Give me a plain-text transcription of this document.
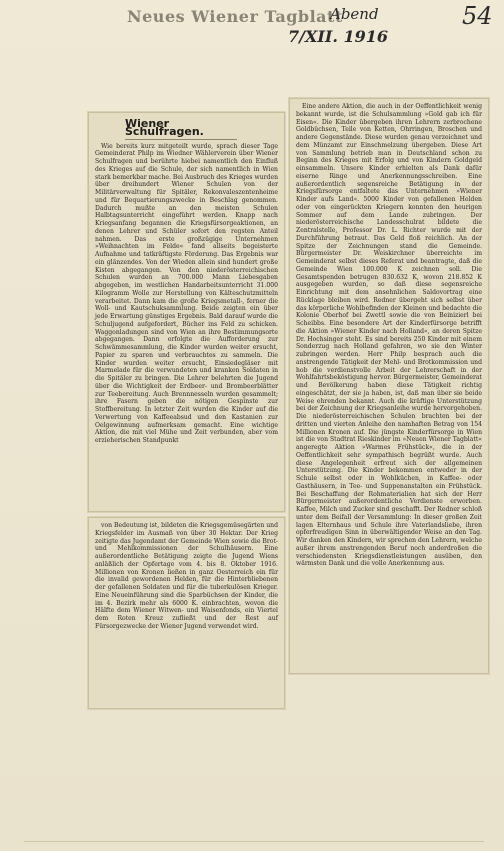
Neues Wiener Tagblatt
Abend
7/XII. 1916
54
Wiener Schulfragen.

Wie bereits kurz mitgeteilt wurde, sprach dieser Tage Gemeinderat Philp im Wiedner Wählerverein über Wiener Schulfragen und berührte hiebei namentlich den Einfluß des Krieges auf die Schule, der sich namentlich in Wien stark bemerkbar mache. Bei Ausbruch des Krieges wurden über dreihundert Wiener Schulen von der Militärverwaltung für Spitäler, Rekonvaleszentenheime und für Bequartierungszwecke in Beschlag genommen. Dadurch mußte an den meisten Schulen Halbtagsunterricht eingeführt werden. Knapp nach Kriegsanfang begannen die Kriegsfürsorgeaktionen, an denen Lehrer und Schüler sofort den regsten Anteil nahmen. Das erste großzügige Unternehmen »Weihnachten im Felde« fand allseits begeisterte Aufnahme und tatkräftigste Förderung. Das Ergebnis war ein glänzendes. Von der Wieden allein sind hundert große Kisten abgegangen. Von den niederösterreichischen Schulen wurden an 700.000 Mann Liebesgaben abgegeben, im westlichen Handarbeitsunterricht 31.000 Kilogramm Wolle zur Herstellung von Kälteschutzmitteln verarbeitet. Dann kam die große Kriegsmetall-, ferner die Woll- und Kautschuksammlung. Beide zeigten ein über jede Erwartung günstiges Ergebnis. Bald darauf wurde die Schuljugend aufgefordert, Bücher ins Feld zu schicken. Waggonladungen sind von Wien an ihre Bestimmungsorte abgegangen. Dann erfolgte die Aufforderung zur Schwämmesammlung, die Kinder wurden weiter ersucht, Papier zu sparen und verbrauchtes zu sammeln. Die Kinder wurden weiter ersucht, Einsiedegläser mit Marmelade für die verwundeten und kranken Soldaten in die Spitäler zu bringen. Die Lehrer belehrten die Jugend über die Wichtigkeit der Erdbeer- und Brombeerblätter zur Teebereitung. Auch Brennnesseln wurden gesammelt; ihre Fasern geben die nötigen Gespinste zur Stoffbereitung. In letzter Zeit wurden die Kinder auf die Verwertung von Kaffeeabsud und den Kastanien zur Oelgewinnung aufmerksam gemacht. Eine wichtige Aktion, die mit viel Mühe und Zeit verbunden, aber vom erzieherischen Standpunkt

von Bedeutung ist, bildeten die Kriegsgemüsegärten und Kriegsfelder im Ausmaß von über 30 Hektar. Der Krieg zeitigte das Jugendamt der Gemeinde Wien sowie die Brot- und Mehlkommissionen der Schulhäusern. Eine außerordentliche Betätigung zeigte die Jugend Wiens anläßlich der Opfertage vom 4. bis 8. Oktober 1916. Millionen von Kronen ließen in ganz Oesterreich ein für die invalid gewordenen Helden, für die Hinterbliebenen der gefallenen Soldaten und für die tuberkulösen Krieger. Eine Neueinführung sind die Sparbüchsen der Kinder, die im 4. Bezirk mehr als 6000 K. einbrachten, wovon die Hälfte dem Wiener Witwen- und Waisenfonds, ein Viertel dem Roten Kreuz zufließt und der Rest auf Fürsorgezwecke der Wiener Jugend verwendet wird.

Eine andere Aktion, die auch in der Oeffentlichkeit wenig bekannt wurde, ist die Schulsammlung »Gold gab ich für Eisen«. Die Kinder übergeben ihren Lehrern zerbrochene Goldbüchsen, Teile von Ketten, Ohrringen, Broschen und andere Gegenstände. Diese wurden genau verzeichnet und dem Münzamt zur Einschmelzung übergeben. Diese Art von Sammlung betrieb man in Deutschland schon zu Beginn des Krieges mit Erfolg und von Kindern Goldgeld einsammeln. Unsere Kinder erhielten als Dank dafür eiserne Ringe und Anerkennungsschreiben. Eine außerordentlich segensreiche Betätigung in der Kriegsfürsorge entfaltete das Unternehmen »Wiener Kinder aufs Land«. 5000 Kinder von gefallenen Helden oder von eingerückten Kriegern konnten den heurigen Sommer auf dem Lande zubringen. Der niederösterreichische Landesschulrat bildete die Zentralstelle, Professor Dr. L. Richter wurde mit der Durchführung betraut. Das Geld floß reichlich. An der Spitze der Zeichnungen stand die Gemeinde. Bürgermeister Dr. Weiskirchner überreichte im Gemeinderat selbst dieses Referat und beantragte, daß die Gemeinde Wien 100.000 K zeichnen soll. Die Gesamtspenden betrugen 830.632 K, wovon 218.852 K ausgegeben wurden, so daß diese segensreiche Einrichtung mit dem ansehnlichen Saldovortrag eine Rücklage bleiben wird. Redner übergeht sich selbst über das körperliche Wohlbefinden der Kleinen und bedachte die Kolonie Oberhof bei Zwettl sowie die von Beinizierl bei Scheibbs. Eine besondere Art der Kinderfürsorge betrifft die Aktion »Wiener Kinder nach Holland«, an deren Spitze Dr. Hochsinger steht. Es sind bereits 250 Kinder mit einem Sonderzug nach Holland gefahren, wo sie den Winter zubringen werden. Herr Philp besprach auch die anstrengende Tätigkeit der Mehl- und Brotkommission und hob die verdienstvolle Arbeit der Lehrerschaft in der Wohlfahrtsbeköstigung hervor. Bürgermeister, Gemeinderat und Bevölkerung haben diese Tätigkeit richtig eingeschätzt, der sie ja haben, ist, daß man über sie beide Weise ehrenden bekannt. Auch die kräftige Unterstützung bei der Zeichnung der Kriegsanleihe wurde hervorgehoben. Die niederösterreichischen Schulen brachten bei der dritten und vierten Anleihe den namhaften Betrag von 154 Millionen Kronen auf. Die jüngste Kinderfürsorge in Wien ist die von Stadtrat Rieskinder im »Neuen Wiener Tagblatt« angeregte Aktion »Warmes Frühstück«, die in der Oeffentlichkeit sehr sympathisch begrüßt wurde. Auch diese Angelegenheit erfreut sich der allgemeinen Unterstützung. Die Kinder bekommen entweder in der Schule selbst oder in Wohlküchen, in Kaffee- oder Gasthäusern, in Tee- und Suppenanstalten ein Frühstück. Bei Beschaffung der Rohmaterialien hat sich der Herr Bürgermeister außerordentliche Verdienste erworben. Kaffee, Milch und Zucker sind geschafft. Der Redner schloß unter dem Beifall der Versammlung: In dieser großen Zeit lagen Elternhaus und Schule ihre Vaterlandsliebe, ihren opferfreudigen Sinn in überwältigender Weise an den Tag. Wir danken den Kindern, wir sprechen den Lehrern, welche außer ihrem anstrengenden Beruf noch anderdroßen die verschiedensten Kriegsdienstleistungen ausüben, den wärmsten Dank und die volle Anerkennung aus.
